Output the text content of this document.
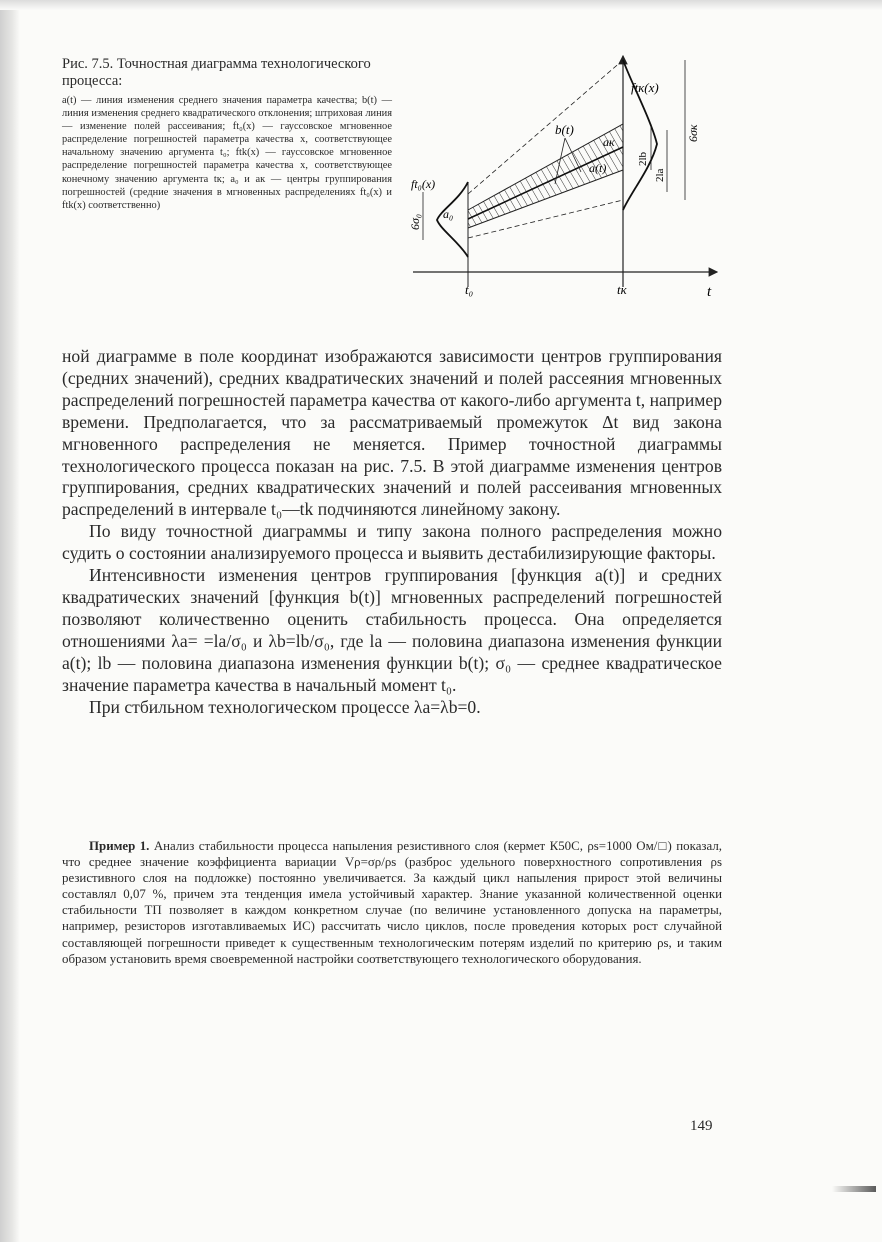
Рис. 7.5. Точностная диаграмма технологического процесса:

a(t) — линия изменения среднего значения параметра качества; b(t) — линия изменения среднего квадратического отклонения; штриховая линия — изменение полей рассеивания; ft₀(x) — гауссовское мгновенное распределение погрешностей параметра качества x, соответствующее начальному значению аргумента t₀; ftk(x) — гауссовское мгновенное распределение погрешностей параметра качества x, соответствующее конечному значению аргумента tк; a₀ и aк — центры группирования погрешностей (средние значения в мгновенных распределениях ft₀(x) и ftk(x) соответственно)

ftк(x)
ft₀(x)
b(t)
aк
a₀
a(t)
2lb
2la
6σк
6σ₀
t₀	tк	t

ной диаграмме в поле координат изображаются зависимости центров группирования (средних значений), средних квадратических значений и полей рассеяния мгновенных распределений погрешностей параметра качества от какого-либо аргумента t, например времени. Предполагается, что за рассматриваемый промежуток Δt вид закона мгновенного распределения не меняется. Пример точностной диаграммы технологического процесса показан на рис. 7.5. В этой диаграмме изменения центров группирования, средних квадратических значений и полей рассеивания мгновенных распределений в интервале t₀—tk подчиняются линейному закону.

По виду точностной диаграммы и типу закона полного распределения можно судить о состоянии анализируемого процесса и выявить дестабилизирующие факторы.

Интенсивности изменения центров группирования [функция a(t)] и средних квадратических значений [функция b(t)] мгновенных распределений погрешностей позволяют количественно оценить стабильность процесса. Она определяется отношениями λa= =la/σ₀ и λb=lb/σ₀, где la — половина диапазона изменения функции a(t); lb — половина диапазона изменения функции b(t); σ₀ — среднее квадратическое значение параметра качества в начальный момент t₀.

При стбильном технологическом процессе λa=λb=0.

Пример 1. Анализ стабильности процесса напыления резистивного слоя (кермет К50С, ρs=1000 Ом/□) показал, что среднее значение коэффициента вариации Vρ=σρ/ρs (разброс удельного поверхностного сопротивления ρs резистивного слоя на подложке) постоянно увеличивается. За каждый цикл напыления прирост этой величины составлял 0,07 %, причем эта тенденция имела устойчивый характер. Знание указанной количественной оценки стабильности ТП позволяет в каждом конкретном случае (по величине установленного допуска на параметры, например, резисторов изготавливаемых ИС) рассчитать число циклов, после проведения которых рост случайной составляющей погрешности приведет к существенным технологическим потерям изделий по критерию ρs, и таким образом установить время своевременной настройки соответствующего технологического оборудования.

149
